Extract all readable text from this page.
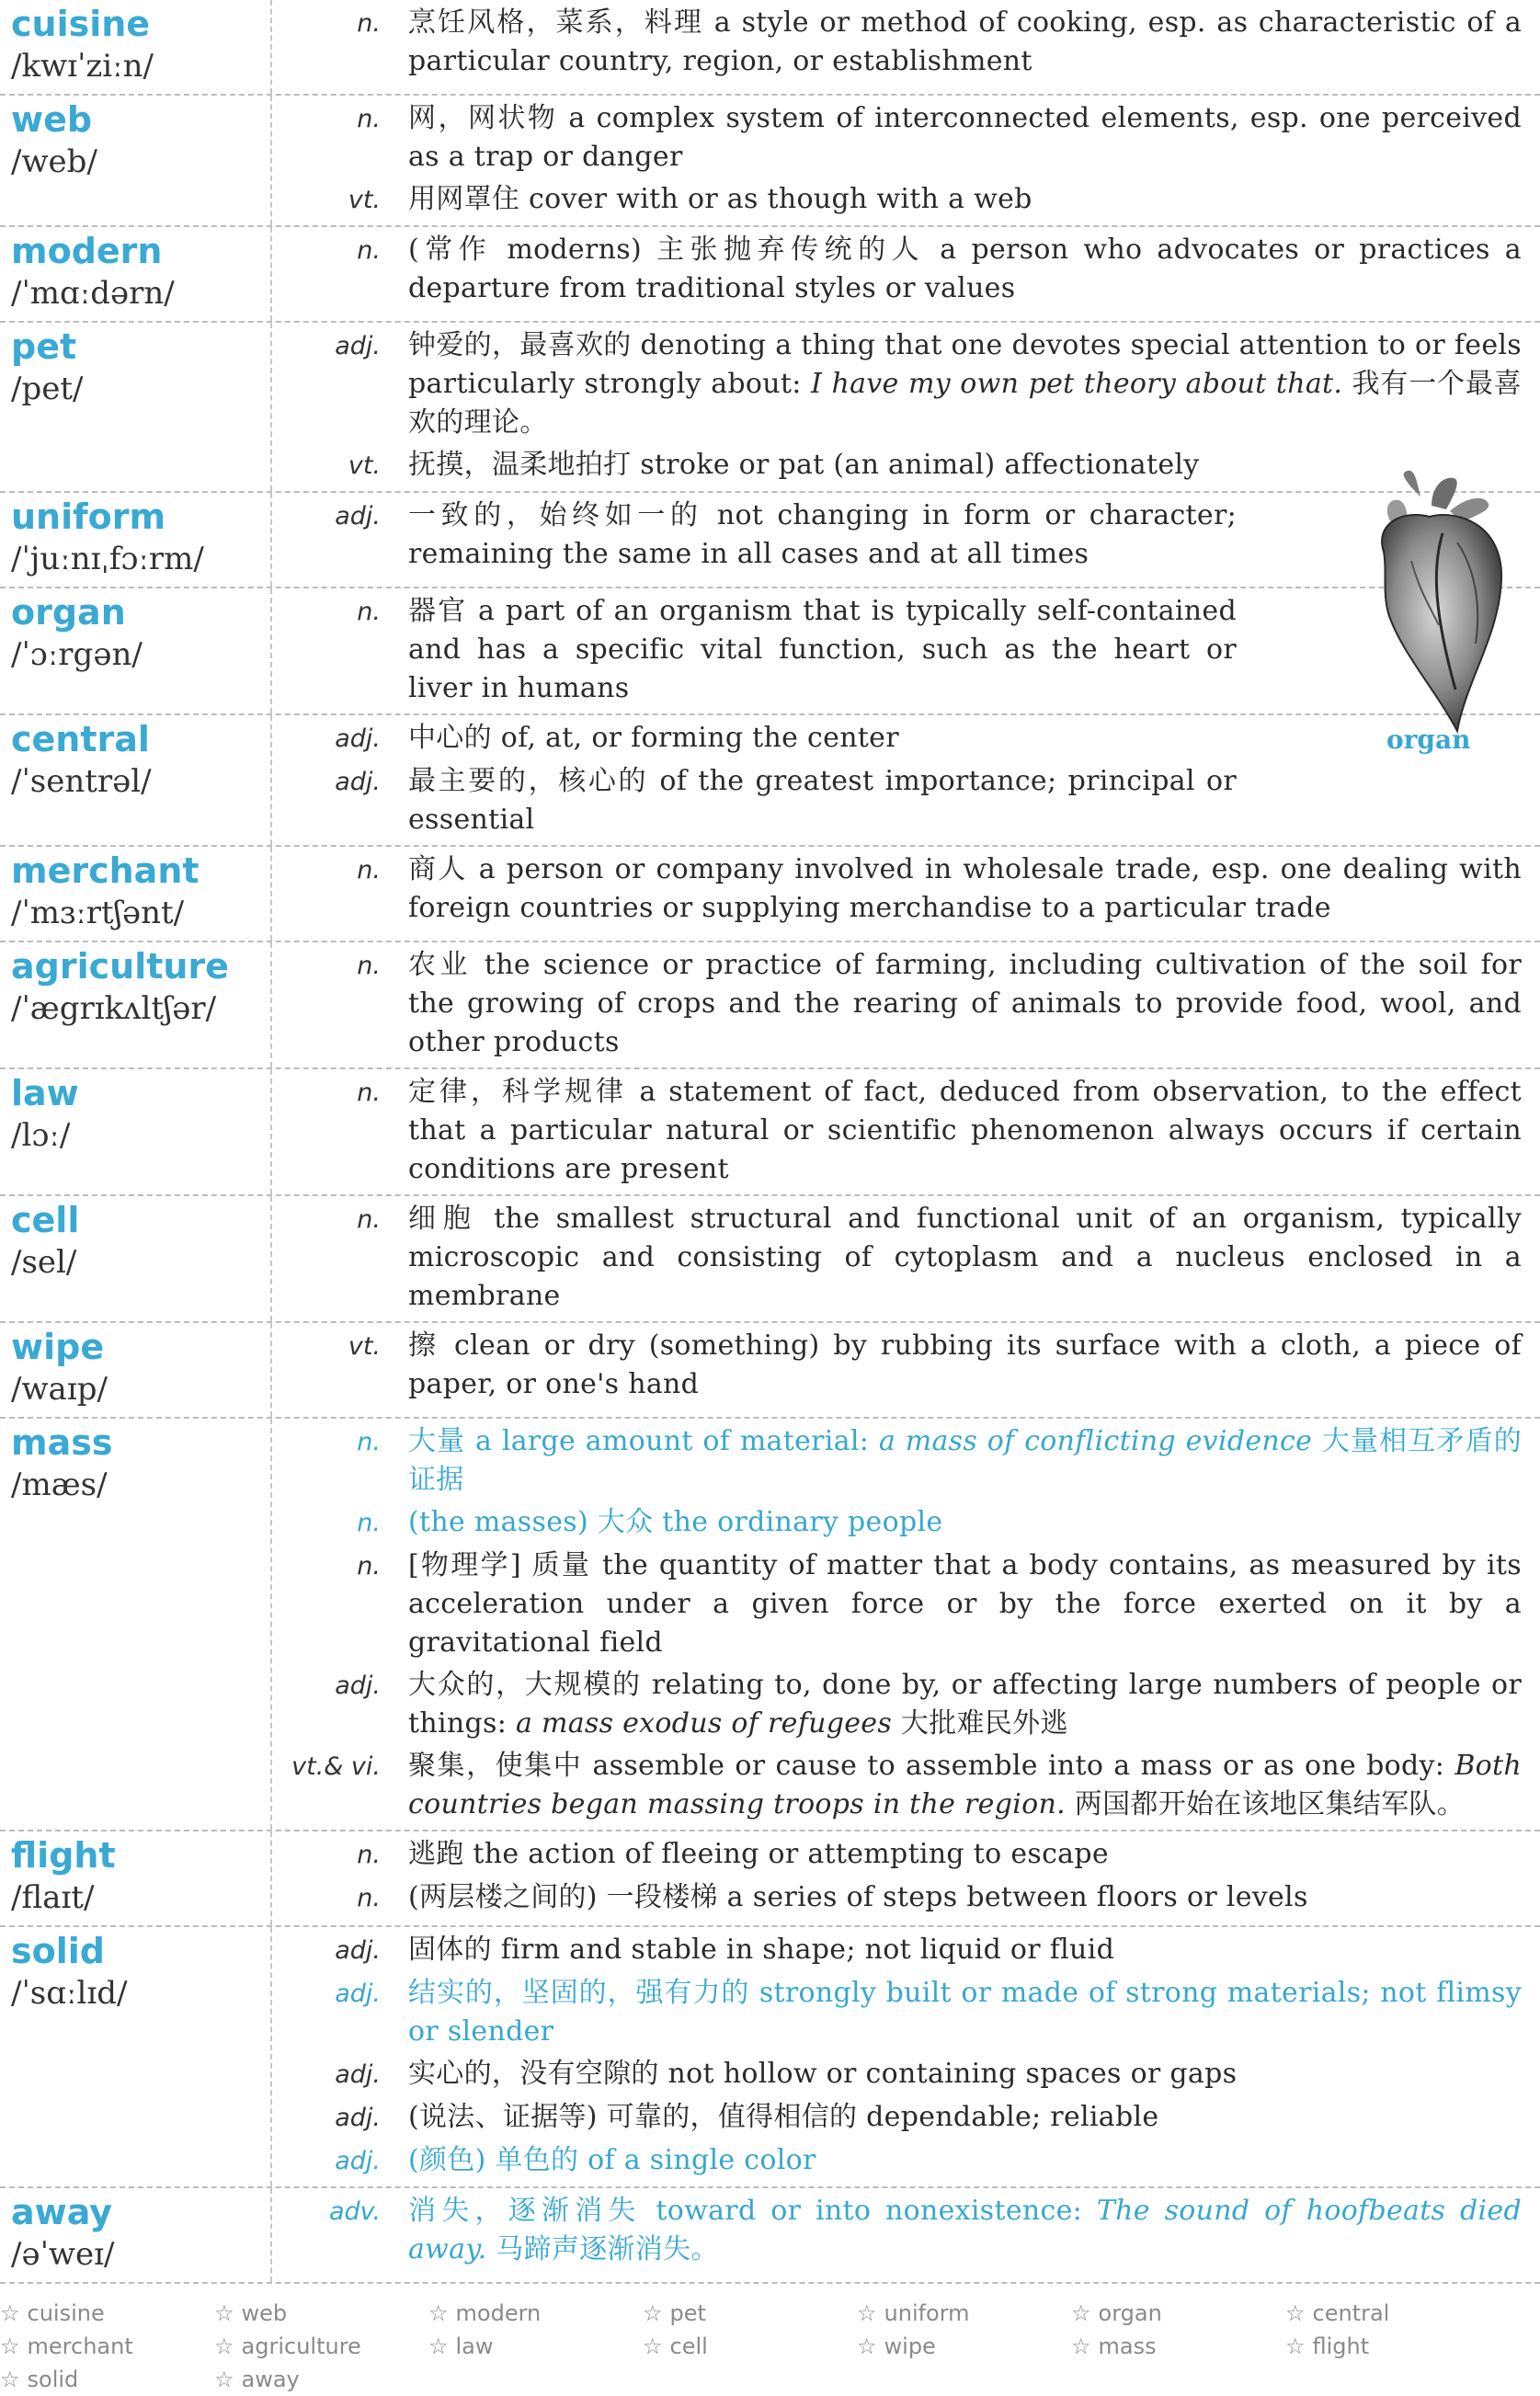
cuisine
/kwɪˈziːn/
n. 烹饪风格，菜系，料理 a style or method of cooking, esp. as characteristic of a particular country, region, or establishment
web
/web/
n. 网，网状物 a complex system of interconnected elements, esp. one perceived as a trap or danger
vt. 用网罩住 cover with or as though with a web
modern
/ˈmɑːdərn/
n. (常作 moderns) 主张抛弃传统的人 a person who advocates or practices a departure from traditional styles or values
pet
/pet/
adj. 钟爱的，最喜欢的 denoting a thing that one devotes special attention to or feels particularly strongly about: I have my own pet theory about that. 我有一个最喜欢的理论。
vt. 抚摸，温柔地拍打 stroke or pat (an animal) affectionately
uniform
/ˈjuːnɪˌfɔːrm/
adj. 一致的，始终如一的 not changing in form or character; remaining the same in all cases and at all times
organ
/ˈɔːrgən/
n. 器官 a part of an organism that is typically self-contained and has a specific vital function, such as the heart or liver in humans
central
/ˈsentrəl/
adj. 中心的 of, at, or forming the center
adj. 最主要的，核心的 of the greatest importance; principal or essential
merchant
/ˈmɜːrtʃənt/
n. 商人 a person or company involved in wholesale trade, esp. one dealing with foreign countries or supplying merchandise to a particular trade
agriculture
/ˈægrɪkʌltʃər/
n. 农业 the science or practice of farming, including cultivation of the soil for the growing of crops and the rearing of animals to provide food, wool, and other products
law
/lɔː/
n. 定律，科学规律 a statement of fact, deduced from observation, to the effect that a particular natural or scientific phenomenon always occurs if certain conditions are present
cell
/sel/
n. 细胞 the smallest structural and functional unit of an organism, typically microscopic and consisting of cytoplasm and a nucleus enclosed in a membrane
wipe
/waɪp/
vt. 擦 clean or dry (something) by rubbing its surface with a cloth, a piece of paper, or one's hand
mass
/mæs/
n. 大量 a large amount of material: a mass of conflicting evidence 大量相互矛盾的证据
n. (the masses) 大众 the ordinary people
n. [物理学] 质量 the quantity of matter that a body contains, as measured by its acceleration under a given force or by the force exerted on it by a gravitational field
adj. 大众的，大规模的 relating to, done by, or affecting large numbers of people or things: a mass exodus of refugees 大批难民外逃
vt.& vi. 聚集，使集中 assemble or cause to assemble into a mass or as one body: Both countries began massing troops in the region. 两国都开始在该地区集结军队。
flight
/flaɪt/
n. 逃跑 the action of fleeing or attempting to escape
n. (两层楼之间的) 一段楼梯 a series of steps between floors or levels
solid
/ˈsɑːlɪd/
adj. 固体的 firm and stable in shape; not liquid or fluid
adj. 结实的，坚固的，强有力的 strongly built or made of strong materials; not flimsy or slender
adj. 实心的，没有空隙的 not hollow or containing spaces or gaps
adj. (说法、证据等) 可靠的，值得相信的 dependable; reliable
adj. (颜色) 单色的 of a single color
away
/əˈweɪ/
adv. 消失，逐渐消失 toward or into nonexistence: The sound of hoofbeats died away. 马蹄声逐渐消失。
organ
☆ cuisine	☆ web	☆ modern	☆ pet	☆ uniform	☆ organ	☆ central
☆ merchant	☆ agriculture	☆ law	☆ cell	☆ wipe	☆ mass	☆ flight
☆ solid	☆ away
